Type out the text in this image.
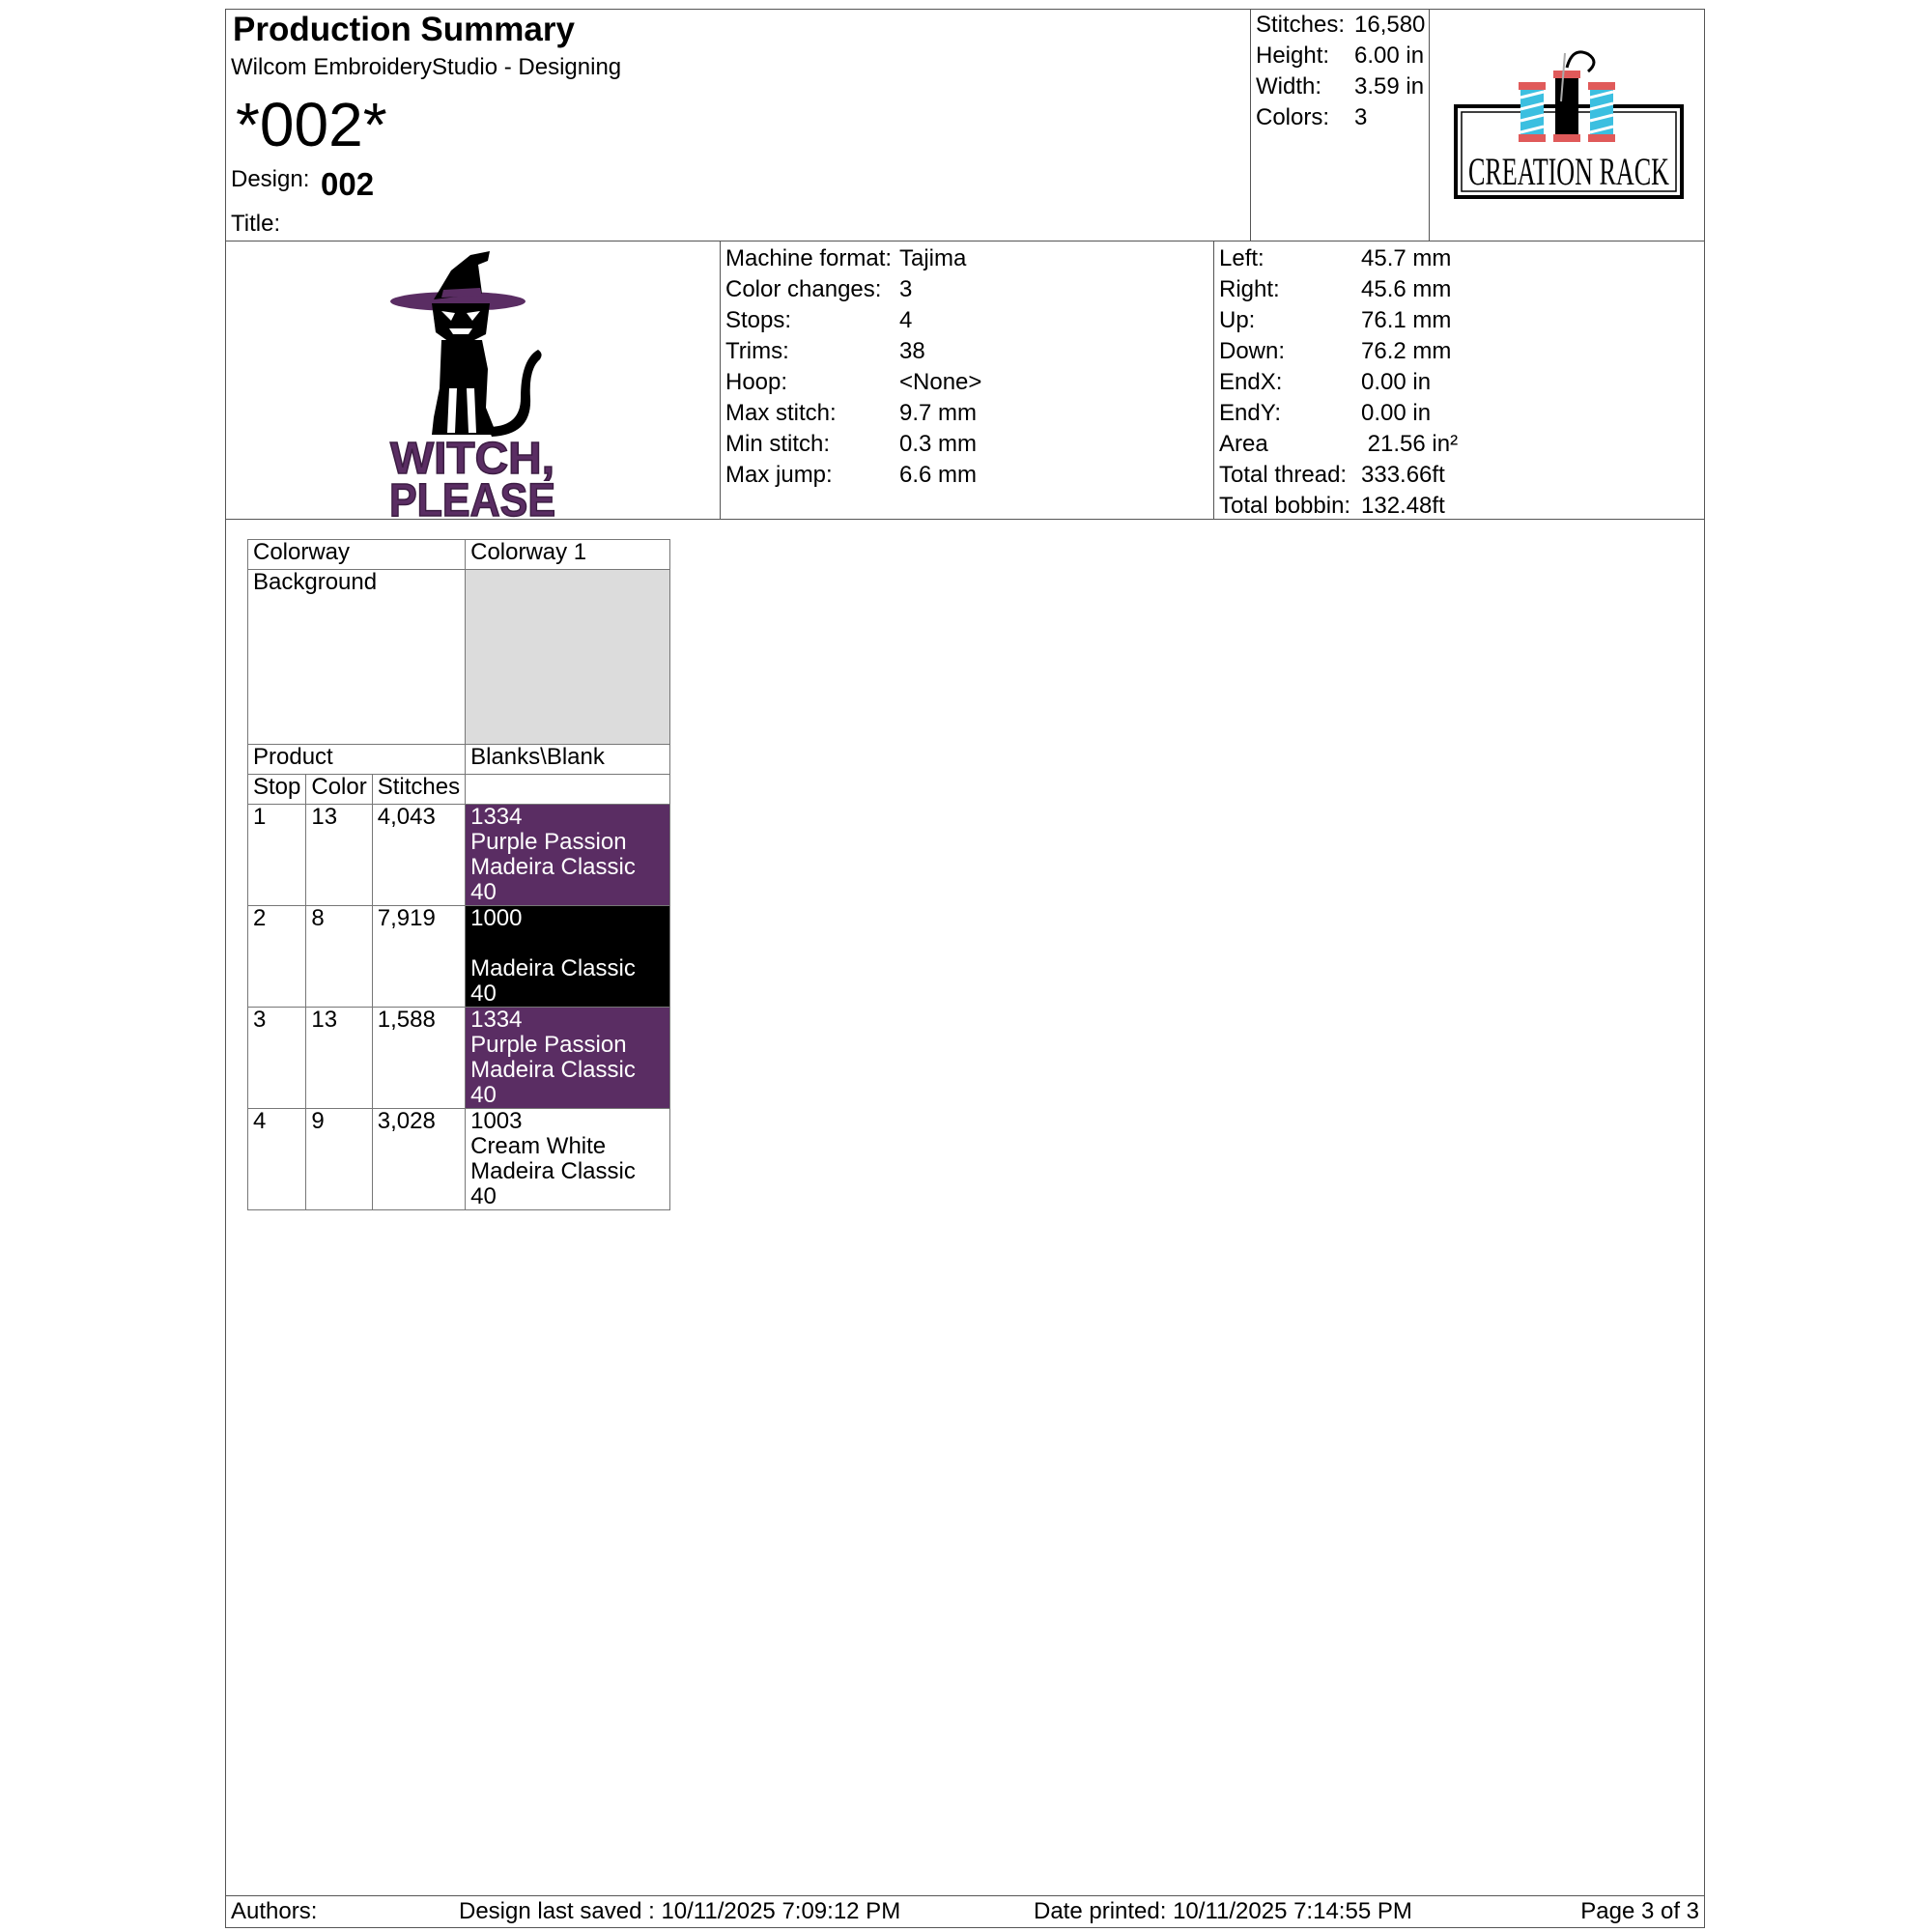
Production Summary
Wilcom EmbroideryStudio - Designing
*002*
Design: 002
Title:
Stitches: 16,580
Height: 6.00 in
Width: 3.59 in
Colors: 3
CREATION RACK
WITCH,
PLEASE
Machine format: Tajima
Color changes: 3
Stops:	4
Trims:	38
Hoop:	<None>
Max stitch:	9.7 mm
Min stitch:	0.3 mm
Max jump:	6.6 mm
Left:	45.7 mm
Right:	45.6 mm
Up:	76.1 mm
Down:	76.2 mm
EndX:	0.00 in
EndY:	0.00 in
Area	21.56 in²
Total thread: 333.66ft
Total bobbin: 132.48ft
Authors:	Design last saved : 10/11/2025 7:09:12 PM	Date printed: 10/11/2025 7:14:55 PM	Page 3 of 3
Colorway			Colorway 1
Background			
Product			Blanks\Blank
Stop	Color	Stitches	
1	13	4,043	1334
Purple Passion
Madeira Classic 40

2	8	7,919	1000
Madeira Classic 40

3	13	1,588	1334
Purple Passion
Madeira Classic 40

4	9	3,028	1003
Cream White
Madeira Classic 40
